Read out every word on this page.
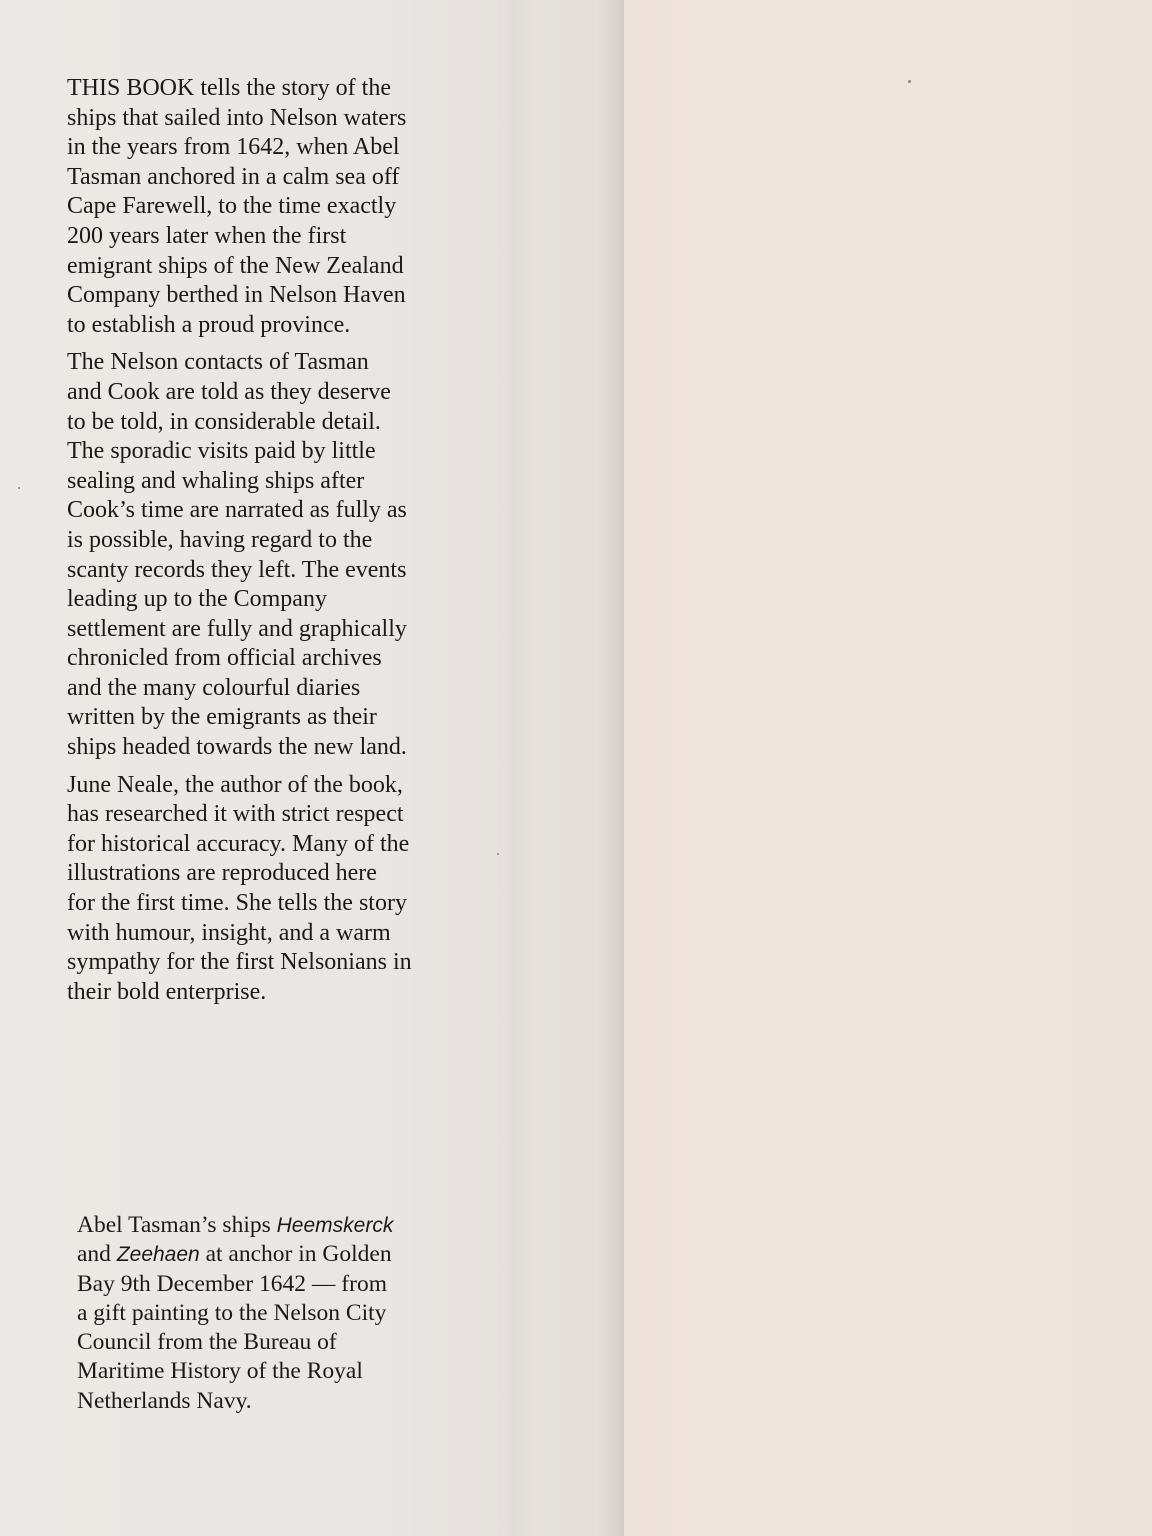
THIS BOOK tells the story of the
ships that sailed into Nelson waters
in the years from 1642, when Abel
Tasman anchored in a calm sea off
Cape Farewell, to the time exactly
200 years later when the first
emigrant ships of the New Zealand
Company berthed in Nelson Haven
to establish a proud province.

The Nelson contacts of Tasman
and Cook are told as they deserve
to be told, in considerable detail.
The sporadic visits paid by little
sealing and whaling ships after
Cook’s time are narrated as fully as
is possible, having regard to the
scanty records they left. The events
leading up to the Company
settlement are fully and graphically
chronicled from official archives
and the many colourful diaries
written by the emigrants as their
ships headed towards the new land.

June Neale, the author of the book,
has researched it with strict respect
for historical accuracy. Many of the
illustrations are reproduced here
for the first time. She tells the story
with humour, insight, and a warm
sympathy for the first Nelsonians in
their bold enterprise.

Abel Tasman’s ships Heemskerck
and Zeehaen at anchor in Golden
Bay 9th December 1642 — from
a gift painting to the Nelson City
Council from the Bureau of
Maritime History of the Royal
Netherlands Navy.
